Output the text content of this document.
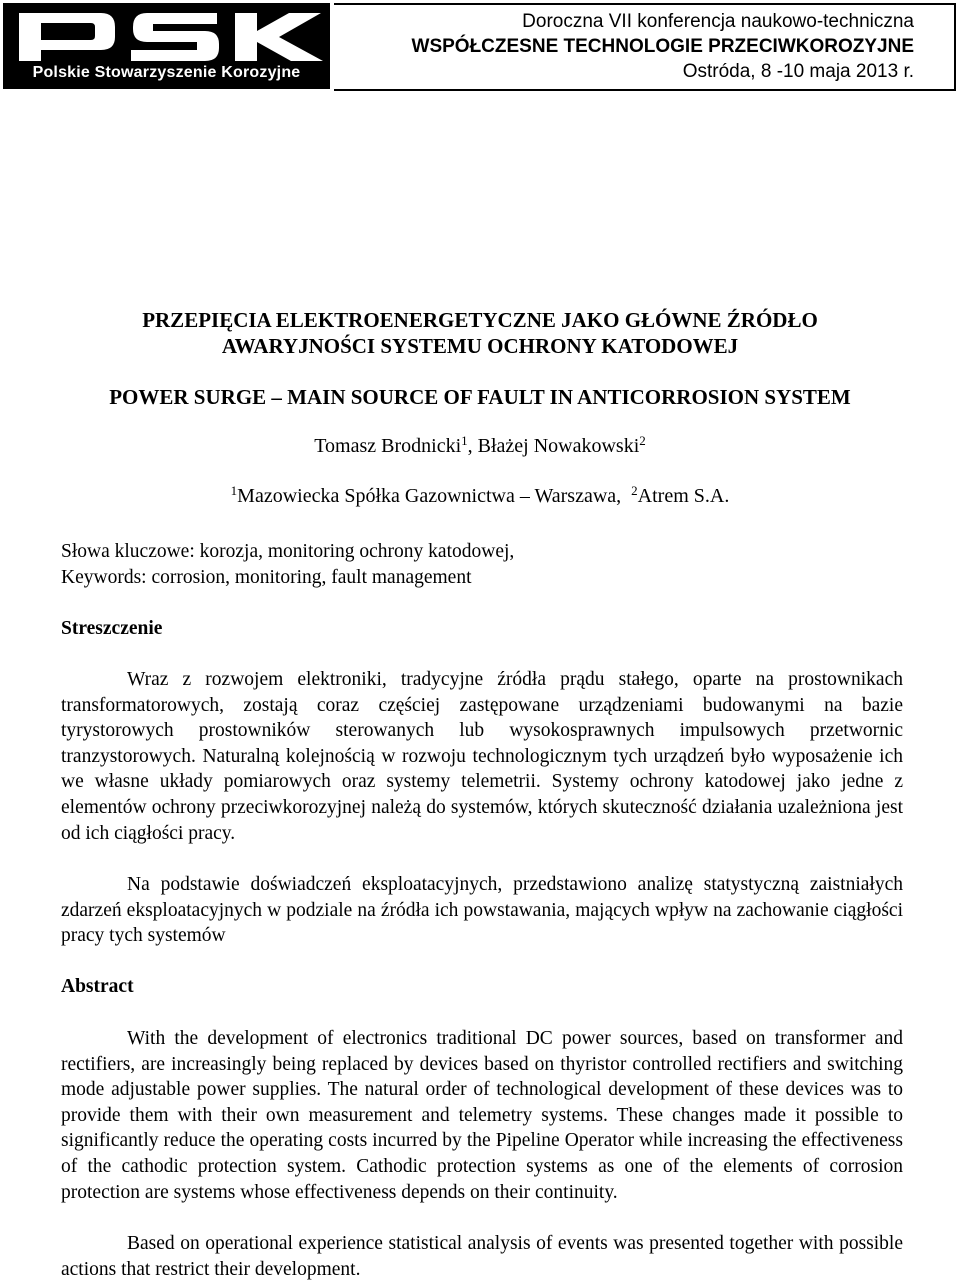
Polskie Stowarzyszenie Korozyjne
Doroczna VII konferencja naukowo-techniczna
WSPÓŁCZESNE TECHNOLOGIE PRZECIWKOROZYJNE
Ostróda, 8 -10 maja 2013 r.
PRZEPIĘCIA ELEKTROENERGETYCZNE JAKO GŁÓWNE ŹRÓDŁO
AWARYJNOŚCI SYSTEMU OCHRONY KATODOWEJ
POWER SURGE – MAIN SOURCE OF FAULT IN ANTICORROSION SYSTEM
Tomasz Brodnicki$^1$, Błażej Nowakowski$^2$
$^1$Mazowiecka Spółka Gazownictwa – Warszawa,  $^2$Atrem S.A.
Słowa kluczowe: korozja, monitoring ochrony katodowej,
Keywords: corrosion, monitoring, fault management
Streszczenie

Wraz z rozwojem elektroniki, tradycyjne źródła prądu stałego, oparte na prostownikach transformatorowych, zostają coraz częściej zastępowane urządzeniami budowanymi na bazie tyrystorowych prostowników sterowanych lub wysokosprawnych impulsowych przetwornic tranzystorowych. Naturalną kolejnością w rozwoju technologicznym tych urządzeń było wyposażenie ich we własne układy pomiarowych oraz systemy telemetrii. Systemy ochrony katodowej jako jedne z elementów ochrony przeciwkorozyjnej należą do systemów, których skuteczność działania uzależniona jest od ich ciągłości pracy.

Na podstawie doświadczeń eksploatacyjnych, przedstawiono analizę statystyczną zaistniałych zdarzeń eksploatacyjnych w podziale na źródła ich powstawania, mających wpływ na zachowanie ciągłości pracy tych systemów

Abstract

With the development of electronics traditional DC power sources, based on transformer and rectifiers, are increasingly being replaced by devices based on thyristor controlled rectifiers and switching mode adjustable power supplies. The natural order of technological development of these devices was to provide them with their own measurement and telemetry systems. These changes made it possible to significantly reduce the operating costs incurred by the Pipeline Operator while increasing the effectiveness of the cathodic protection system. Cathodic protection systems as one of the elements of corrosion protection are systems whose effectiveness depends on their continuity.

Based on operational experience statistical analysis of events was presented together with possible actions that restrict their development.
